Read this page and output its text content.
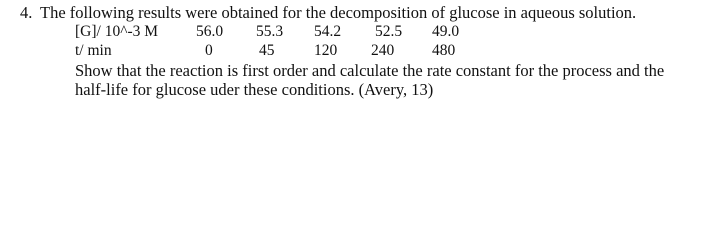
4. The following results were obtained for the decomposition of glucose in aqueous solution.
[G]/ 10^-3 M 56.0 55.3 54.2 52.5 49.0
t/ min	0	45	120 240 480
Show that the reaction is first order and calculate the rate constant for the process and the
half-life for glucose uder these conditions. (Avery, 13)
